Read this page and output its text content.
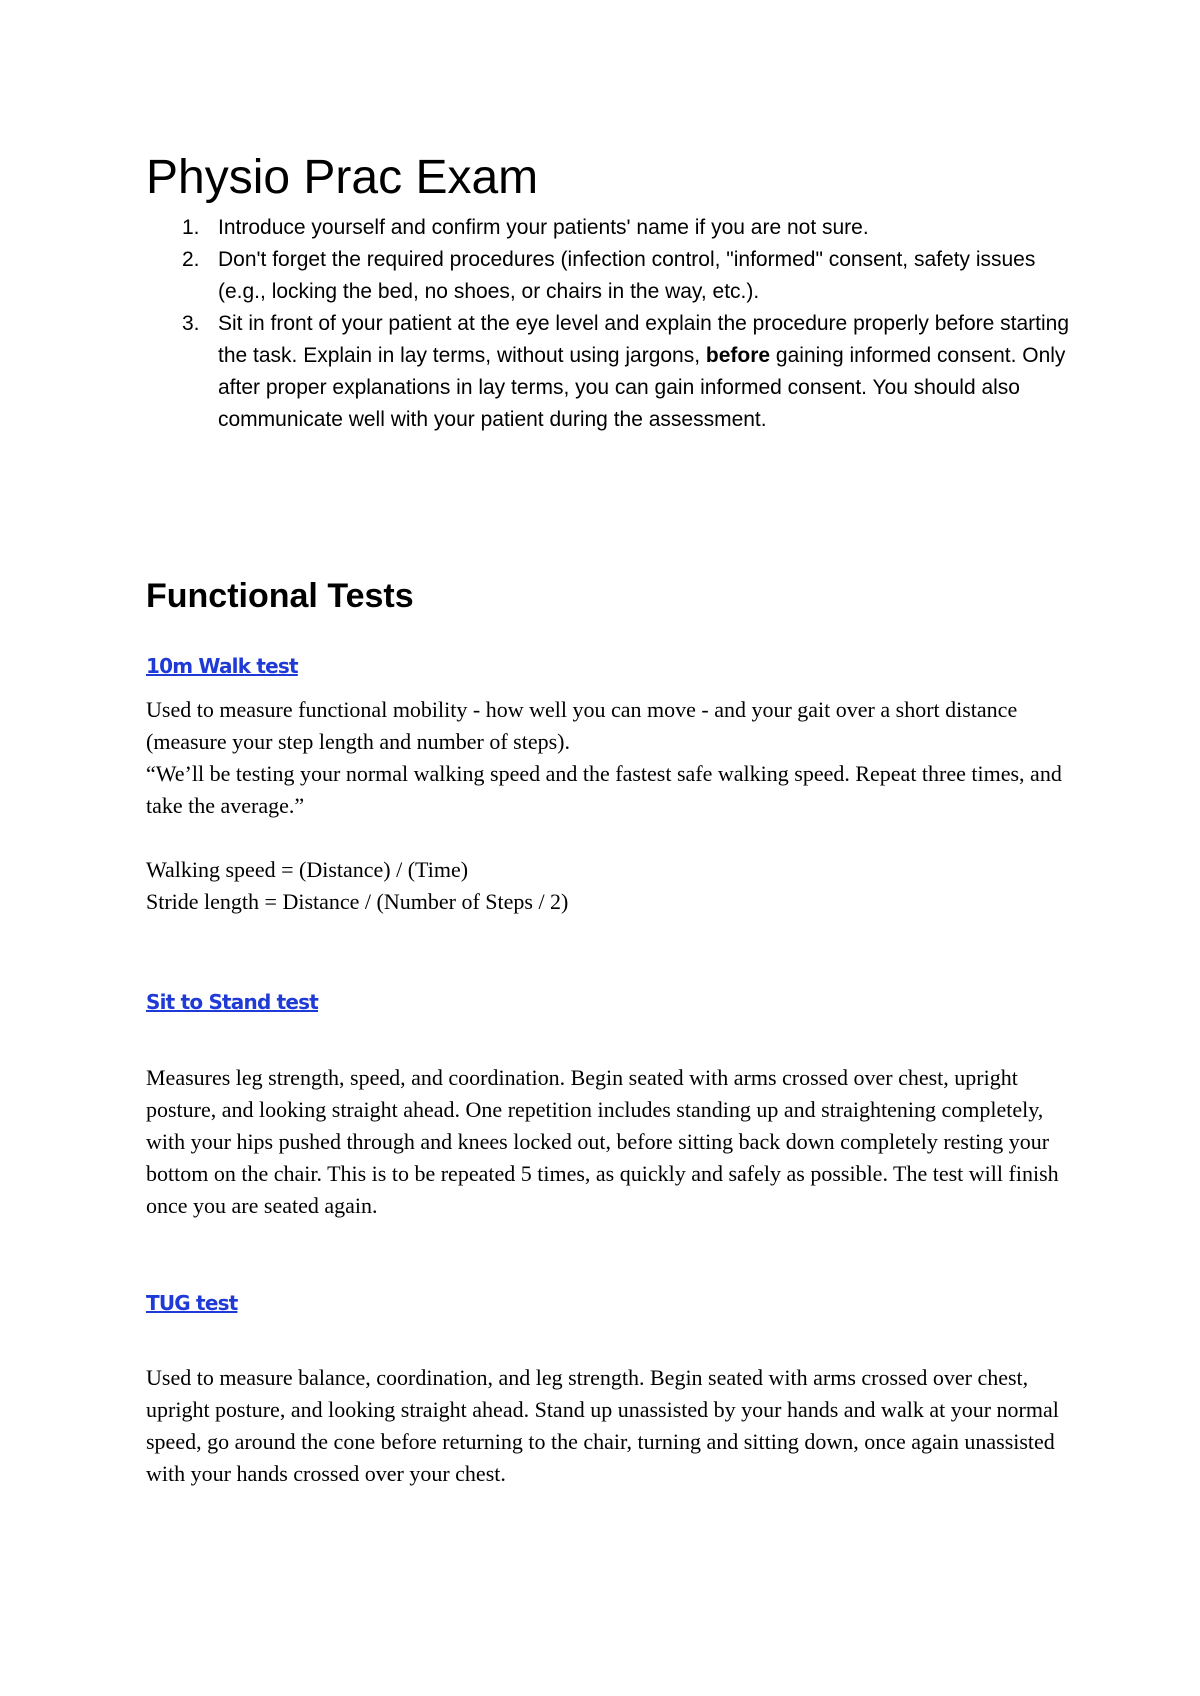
Physio Prac Exam
1. Introduce yourself and confirm your patients' name if you are not sure.
2. Don't forget the required procedures (infection control, "informed" consent, safety issues (e.g., locking the bed, no shoes, or chairs in the way, etc.).
3. Sit in front of your patient at the eye level and explain the procedure properly before starting the task. Explain in lay terms, without using jargons, before gaining informed consent. Only after proper explanations in lay terms, you can gain informed consent. You should also communicate well with your patient during the assessment.
Functional Tests
10m Walk test

Used to measure functional mobility - how well you can move - and your gait over a short distance (measure your step length and number of steps).

“We’ll be testing your normal walking speed and the fastest safe walking speed. Repeat three times, and take the average.”

Walking speed = (Distance) / (Time)

Stride length = Distance / (Number of Steps / 2)

Sit to Stand test

Measures leg strength, speed, and coordination. Begin seated with arms crossed over chest, upright posture, and looking straight ahead. One repetition includes standing up and straightening completely, with your hips pushed through and knees locked out, before sitting back down completely resting your bottom on the chair. This is to be repeated 5 times, as quickly and safely as possible. The test will finish once you are seated again.

TUG test

Used to measure balance, coordination, and leg strength. Begin seated with arms crossed over chest, upright posture, and looking straight ahead. Stand up unassisted by your hands and walk at your normal speed, go around the cone before returning to the chair, turning and sitting down, once again unassisted with your hands crossed over your chest.
